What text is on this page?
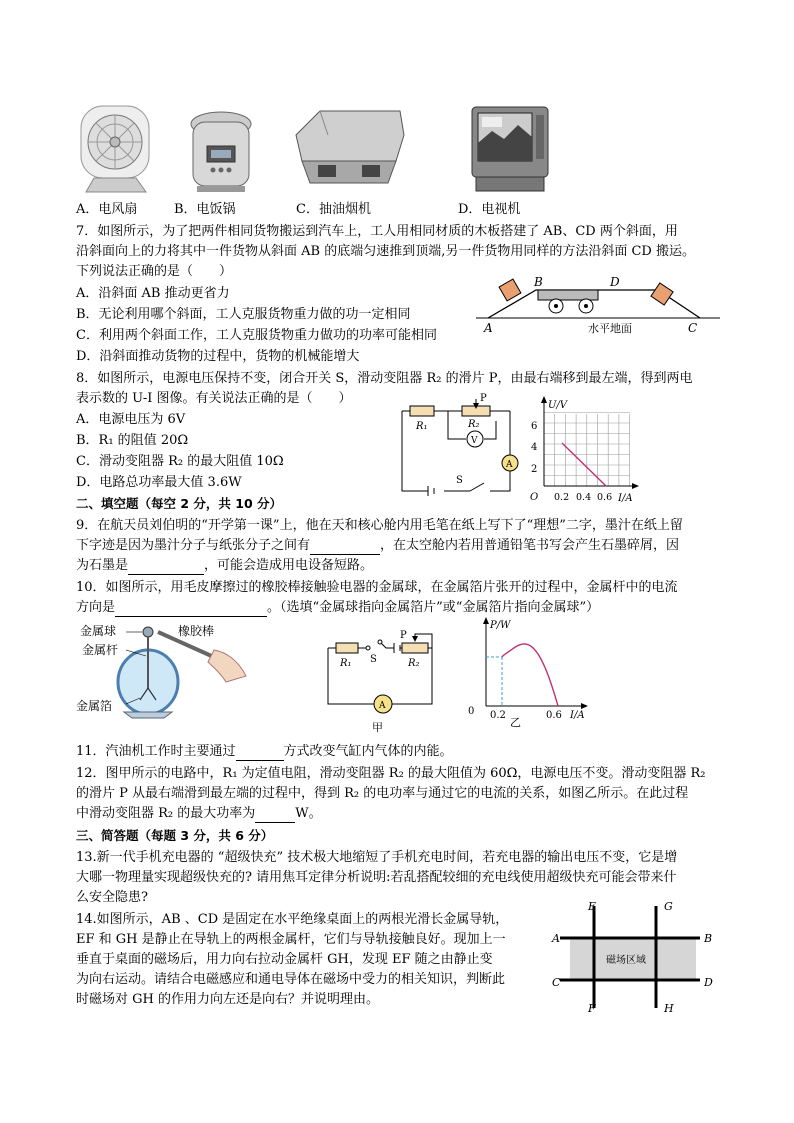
A．电风扇	B．电饭锅	C．抽油烟机	D．电视机
7．如图所示，为了把两件相同货物搬运到汽车上，工人用相同材质的木板搭建了 AB、CD 两个斜面，用
沿斜面向上的力将其中一件货物从斜面 AB 的底端匀速推到顶端,另一件货物用同样的方法沿斜面 CD 搬运。
下列说法正确的是（　　）
A．沿斜面 AB 推动更省力
B．无论利用哪个斜面，工人克服货物重力做的功一定相同
C．利用两个斜面工作，工人克服货物重力做功的功率可能相同
D．沿斜面推动货物的过程中，货物的机械能增大
B	D
A	C
水平地面
8．如图所示，电源电压保持不变，闭合开关 S，滑动变阻器 R₂ 的滑片 P，由最右端移到最左端，得到两电
表示数的 U-I 图像。有关说法正确的是（　　）
A．电源电压为 6V
B．R₁ 的阻值 20Ω
C．滑动变阻器 R₂ 的最大阻值 10Ω
D．电路总功率最大值 3.6W
P
R₁	R₂
V
A
S
U/V
I/A
O
6
4
2
0.2 0.4 0.6
二、填空题（每空 2 分，共 10 分）
9．在航天员刘伯明的“开学第一课”上，他在天和核心舱内用毛笔在纸上写下了“理想”二字，墨汁在纸上留
下字迹是因为墨汁分子与纸张分子之间有	，在太空舱内若用普通铅笔书写会产生石墨碎屑，因
为石墨是	，可能会造成用电设备短路。
10．如图所示，用毛皮摩擦过的橡胶棒接触验电器的金属球，在金属箔片张开的过程中，金属杆中的电流
方向是	。（选填“金属球指向金属箔片”或“金属箔片指向金属球”）
金属球
金属杆
橡胶棒
金属箔
P
R₁ S	R₂
A
甲
P/W
I/A
0 0.2	0.6
乙
11．汽油机工作时主要通过	方式改变气缸内气体的内能。
12．图甲所示的电路中，R₁ 为定值电阻，滑动变阻器 R₂ 的最大阻值为 60Ω，电源电压不变。滑动变阻器 R₂
的滑片 P 从最右端滑到最左端的过程中，得到 R₂ 的电功率与通过它的电流的关系，如图乙所示。在此过程
中滑动变阻器 R₂ 的最大功率为	W。
三、简答题（每题 3 分，共 6 分）
13.新一代手机充电器的 “超级快充” 技术极大地缩短了手机充电时间，若充电器的输出电压不变，它是增
大哪一物理量实现超级快充的? 请用焦耳定律分析说明:若乱搭配较细的充电线使用超级快充可能会带来什
么安全隐患?
14.如图所示，AB 、CD 是固定在水平绝缘桌面上的两根光滑长金属导轨，
EF 和 GH 是静止在导轨上的两根金属杆，它们与导轨接触良好。现加上一
垂直于桌面的磁场后，用力向右拉动金属杆 GH，发现 EF 随之由静止变
为向右运动。请结合电磁感应和通电导体在磁场中受力的相关知识，判断此
时磁场对 GH 的作用力向左还是向右？并说明理由。
E	G
A	B
C	D
F	H
磁场区域
